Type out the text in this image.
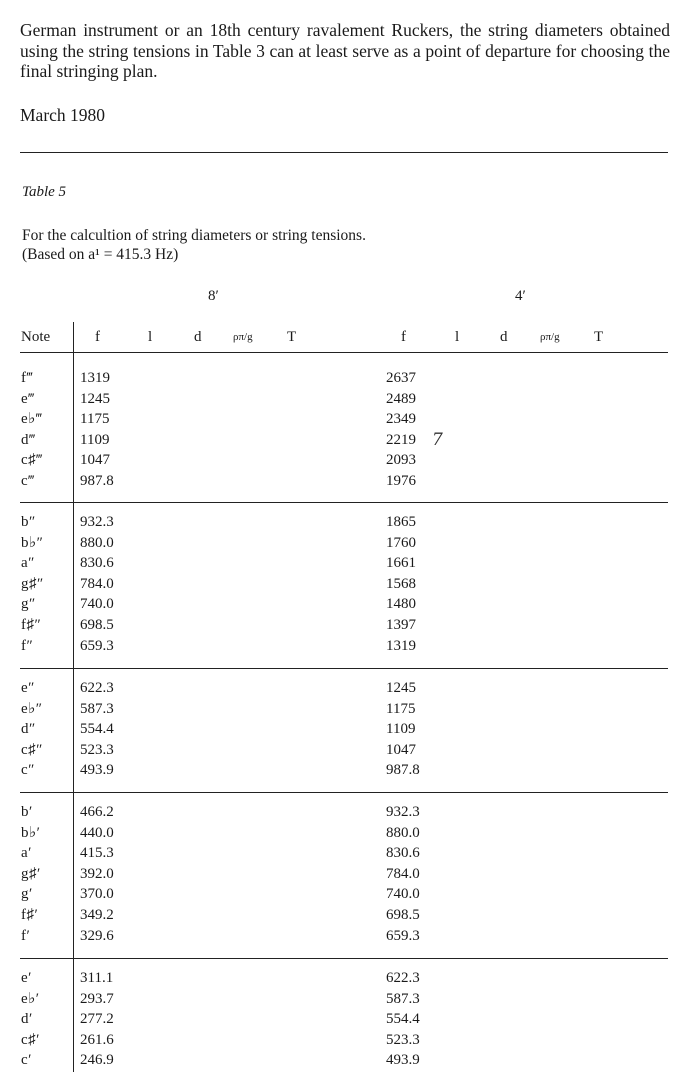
German instrument or an 18th century ravalement Ruckers, the string diameters obtained using the string tensions in Table 3 can at least serve as a point of departure for choosing the final stringing plan.

March 1980

Table 5

For the calcultion of string diameters or string tensions.
(Based on a¹ = 415.3 Hz)

8′	4′
Note	f	l	d	ρπ/g T	f	l	d	ρπ/g T
f‴	1319	2637
e‴	1245	2489
e♭‴	1175	2349
d‴	1109	2219 7
c♯‴ 1047	2093
c‴	987.8	1976
b″	932.3	1865
b♭″ 880.0	1760
a″	830.6	1661
g♯″ 784.0	1568
g″	740.0	1480
f♯″	698.5	1397
f″	659.3	1319
e″	622.3	1245
e♭″	587.3	1175
d″	554.4	1109
c♯″ 523.3	1047
c″	493.9	987.8
b′	466.2	932.3
b♭′	440.0	880.0
a′	415.3	830.6
g♯′	392.0	784.0
g′	370.0	740.0
f♯′	349.2	698.5
f′	329.6	659.3
e′	311.1	622.3
e♭′	293.7	587.3
d′	277.2	554.4
c♯′	261.6	523.3
c′	246.9	493.9
